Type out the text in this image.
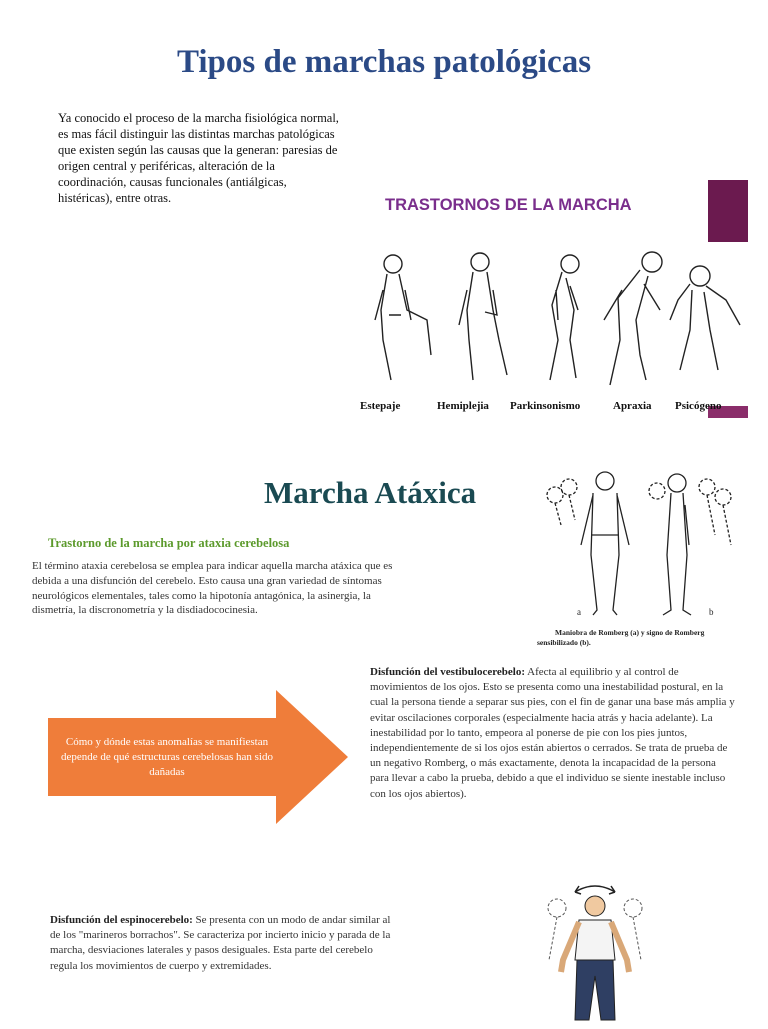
Tipos de marchas patológicas
Ya conocido el proceso de la marcha fisiológica normal, es mas fácil distinguir las distintas marchas patológicas que existen según las causas que la generan: paresias de origen central y periféricas, alteración de la coordinación, causas funcionales (antiálgicas, histéricas), entre otras.	TRASTORNOS DE LA MARCHA
Estepaje	Hemiplejia Parkinsonismo	Apraxia Psicógeno
Marcha Atáxica
a	b
Maniobra de Romberg (a) y signo de Romberg
sensibilizado (b).
Trastorno de la marcha por ataxia cerebelosa
El término ataxia cerebelosa se emplea para indicar aquella marcha atáxica que es debida a una disfunción del cerebelo. Esto causa una gran variedad de síntomas neurológicos elementales, tales como la hipotonía antagónica, la asinergia, la dismetría, la discronometría y la disdiadococinesia.
Cómo y dónde estas anomalías se manifiestan depende de qué estructuras cerebelosas han sido dañadas
Disfunción del vestibulocerebelo: Afecta al equilibrio y al control de movimientos de los ojos. Esto se presenta como una inestabilidad postural, en la cual la persona tiende a separar sus pies, con el fin de ganar una base más amplia y evitar oscilaciones corporales (especialmente hacia atrás y hacia adelante). La inestabilidad por lo tanto, empeora al ponerse de pie con los pies juntos, independientemente de si los ojos están abiertos o cerrados. Se trata de prueba de un negativo Romberg, o más exactamente, denota la incapacidad de la persona para llevar a cabo la prueba, debido a que el individuo se siente inestable incluso con los ojos abiertos).
Disfunción del espinocerebelo: Se presenta con un modo de andar similar al de los "marineros borrachos". Se caracteriza por incierto inicio y parada de la marcha, desviaciones laterales y pasos desiguales. Esta parte del cerebelo regula los movimientos de cuerpo y extremidades.
